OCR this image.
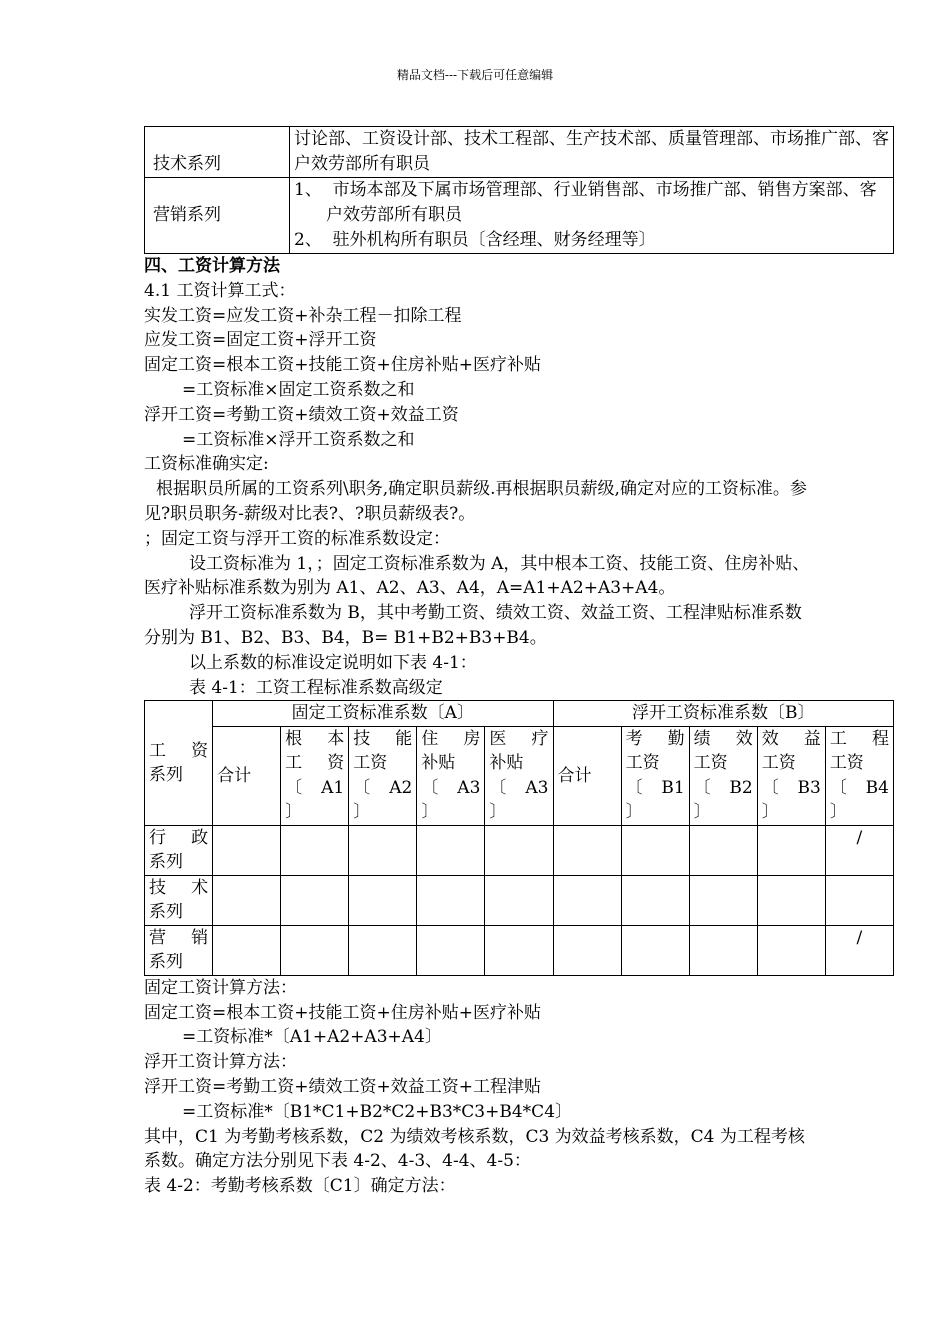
精品文档---下载后可任意编辑
技术系列	讨论部、工资设计部、技术工程部、生产技术部、质量管理部、市场推广部、客户效劳部所有职员
营销系列	1、 市场本部及下属市场管理部、行业销售部、市场推广部、销售方案部、客户效劳部所有职员
2、 驻外机构所有职员〔含经理、财务经理等〕

四、工资计算方法

4.1 工资计算工式：

实发工资=应发工资+补杂工程－扣除工程

应发工资=固定工资+浮开工资

固定工资=根本工资+技能工资+住房补贴+医疗补贴

=工资标准×固定工资系数之和

浮开工资=考勤工资+绩效工资+效益工资

=工资标准×浮开工资系数之和

工资标准确实定:

根据职员所属的工资系列\职务,确定职员薪级.再根据职员薪级,确定对应的工资标准。参见?职员职务-薪级对比表?、?职员薪级表?。

；固定工资与浮开工资的标准系数设定：

设工资标准为 1，；固定工资标准系数为 A，其中根本工资、技能工资、住房补贴、医疗补贴标准系数为别为 A1、A2、A3、A4，A=A1+A2+A3+A4。

浮开工资标准系数为 B，其中考勤工资、绩效工资、效益工资、工程津贴标准系数分别为 B1、B2、B3、B4，B= B1+B2+B3+B4。

以上系数的标准设定说明如下表 4-1：

表 4-1：工资工程标准系数高级定

工 资
系列	固定工资标准系数〔A〕					浮开工资标准系数〔B〕				
	合计	根 本
工 资
〔 A1
〕	技 能
工资
〔 A2
〕	住 房
补贴
〔 A3
〕	医 疗
补贴
〔 A3
〕	合计	考 勤
工资
〔 B1
〕	绩 效
工资
〔 B2
〕	效 益
工资
〔 B3
〕	工 程
工资
〔 B4
〕

行 政
系列										/

技 术
系列										

营 销
系列										/

固定工资计算方法：

固定工资=根本工资+技能工资+住房补贴+医疗补贴

=工资标准*〔A1+A2+A3+A4〕

浮开工资计算方法：

浮开工资=考勤工资+绩效工资+效益工资+工程津贴

=工资标准*〔B1*C1+B2*C2+B3*C3+B4*C4〕

其中，C1 为考勤考核系数，C2 为绩效考核系数，C3 为效益考核系数，C4 为工程考核系数。确定方法分别见下表 4-2、4-3、4-4、4-5：

表 4-2：考勤考核系数〔C1〕确定方法：
